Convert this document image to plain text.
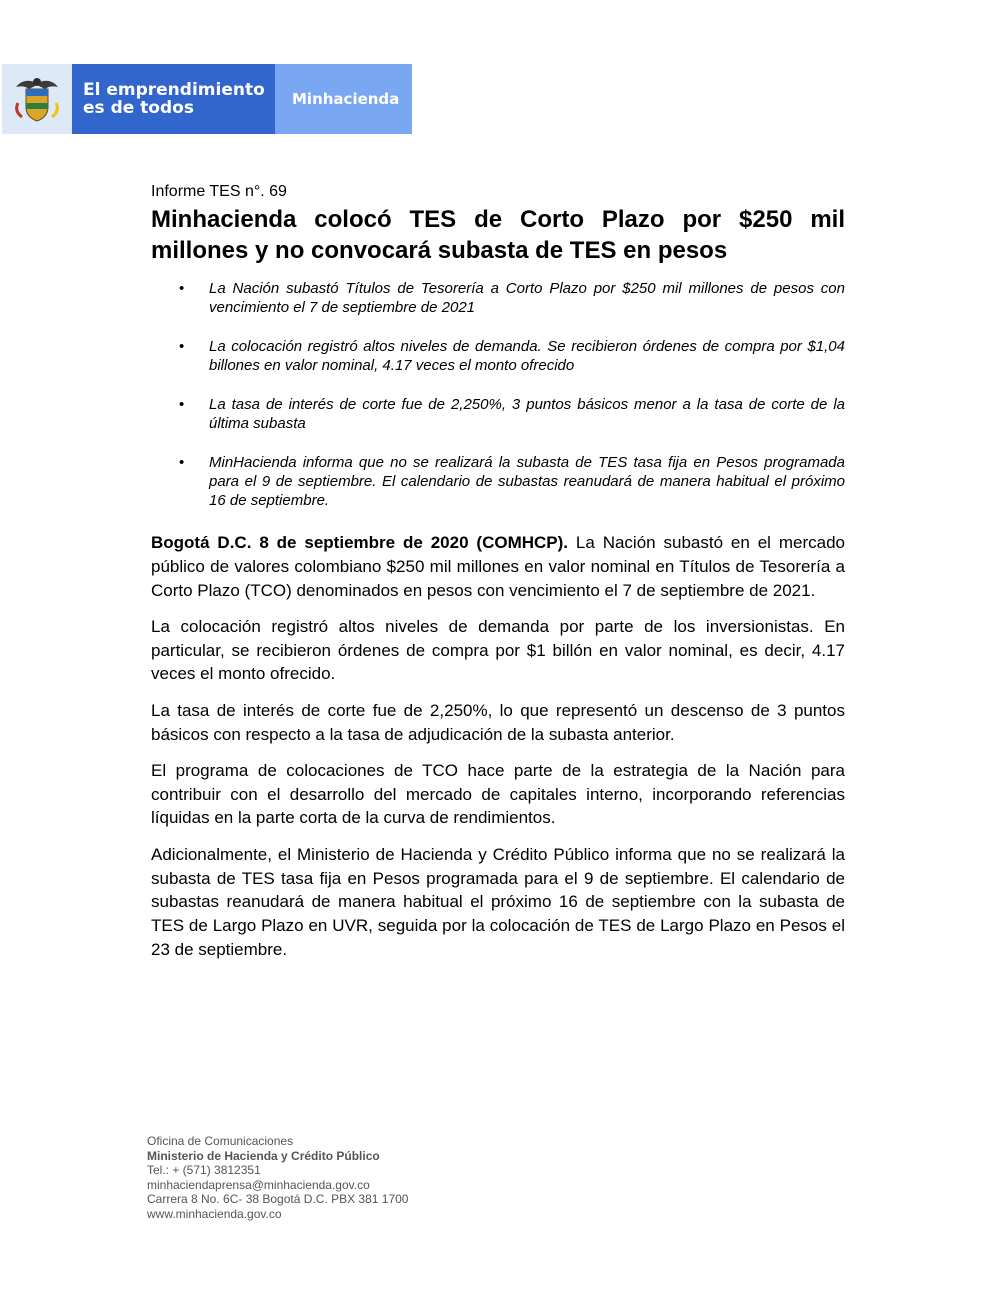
El emprendimiento
es de todos	Minhacienda
Informe TES n°. 69
Minhacienda colocó TES de Corto Plazo por $250 mil millones y no convocará subasta de TES en pesos
• La Nación subastó Títulos de Tesorería a Corto Plazo por $250 mil millones de pesos con vencimiento el 7 de septiembre de 2021
• La colocación registró altos niveles de demanda. Se recibieron órdenes de compra por $1,04 billones en valor nominal, 4.17 veces el monto ofrecido
• La tasa de interés de corte fue de 2,250%, 3 puntos básicos menor a la tasa de corte de la última subasta
• MinHacienda informa que no se realizará la subasta de TES tasa fija en Pesos programada para el 9 de septiembre. El calendario de subastas reanudará de manera habitual el próximo 16 de septiembre.

Bogotá D.C. 8 de septiembre de 2020 (COMHCP). La Nación subastó en el mercado público de valores colombiano $250 mil millones en valor nominal en Títulos de Tesorería a Corto Plazo (TCO) denominados en pesos con vencimiento el 7 de septiembre de 2021.

La colocación registró altos niveles de demanda por parte de los inversionistas. En particular, se recibieron órdenes de compra por $1 billón en valor nominal, es decir, 4.17 veces el monto ofrecido.

La tasa de interés de corte fue de 2,250%, lo que representó un descenso de 3 puntos básicos con respecto a la tasa de adjudicación de la subasta anterior.

El programa de colocaciones de TCO hace parte de la estrategia de la Nación para contribuir con el desarrollo del mercado de capitales interno, incorporando referencias líquidas en la parte corta de la curva de rendimientos.

Adicionalmente, el Ministerio de Hacienda y Crédito Público informa que no se realizará la subasta de TES tasa fija en Pesos programada para el 9 de septiembre. El calendario de subastas reanudará de manera habitual el próximo 16 de septiembre con la subasta de TES de Largo Plazo en UVR, seguida por la colocación de TES de Largo Plazo en Pesos el 23 de septiembre.

Oficina de Comunicaciones
Ministerio de Hacienda y Crédito Público
Tel.: + (571) 3812351
minhaciendaprensa@minhacienda.gov.co
Carrera 8 No. 6C- 38 Bogotá D.C. PBX 381 1700
www.minhacienda.gov.co
